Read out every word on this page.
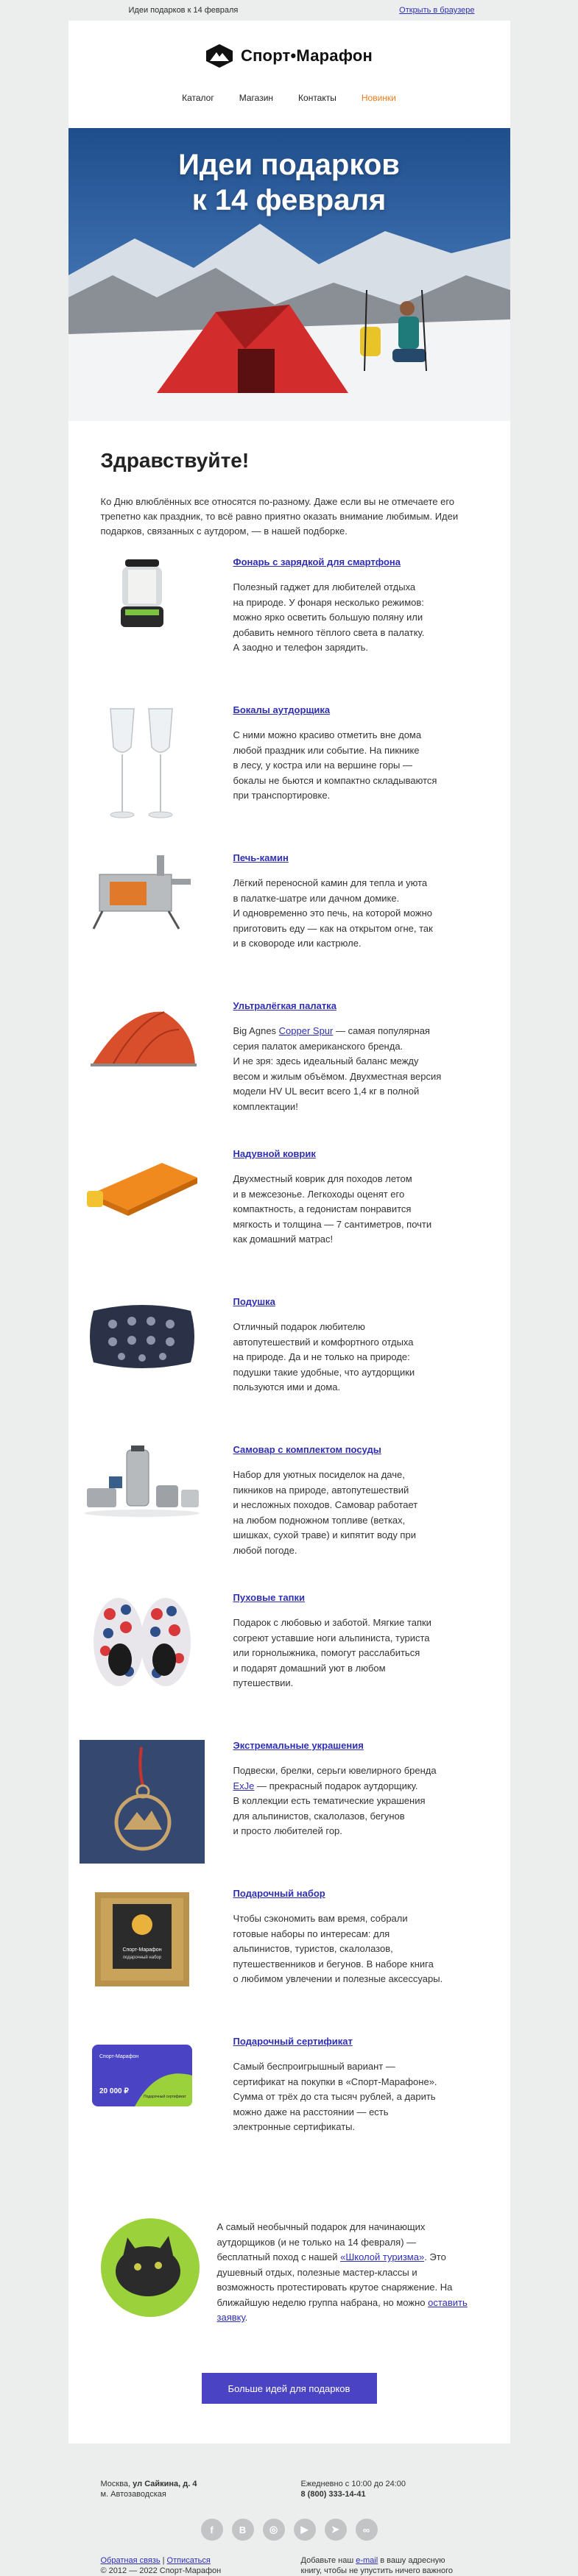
Идеи подарков к 14 февраля	Открыть в браузере
Спорт•Марафон
Каталог	Магазин	Контакты	Новинки
Идеи подарков
к 14 февраля
Здравствуйте!
Ко Дню влюблённых все относятся по-разному. Даже если вы не отмечаете его трепетно как праздник, то всё равно приятно оказать внимание любимым. Идеи подарков, связанных с аутдором, — в нашей подборке.
Фонарь с зарядкой для смартфона
Полезный гаджет для любителей отдыха
на природе. У фонаря несколько режимов:
можно ярко осветить большую поляну или
добавить немного тёплого света в палатку.
А заодно и телефон зарядить.
Бокалы аутдорщика
С ними можно красиво отметить вне дома
любой праздник или событие. На пикнике
в лесу, у костра или на вершине горы —
бокалы не бьются и компактно складываются
при транспортировке.
Печь-камин
Лёгкий переносной камин для тепла и уюта
в палатке-шатре или дачном домике.
И одновременно это печь, на которой можно
приготовить еду — как на открытом огне, так
и в сковороде или кастрюле.
Ультралёгкая палатка
Big Agnes Copper Spur — самая популярная
серия палаток американского бренда.
И не зря: здесь идеальный баланс между
весом и жилым объёмом. Двухместная версия
модели HV UL весит всего 1,4 кг в полной
комплектации!
Надувной коврик
Двухместный коврик для походов летом
и в межсезонье. Легкоходы оценят его
компактность, а гедонистам понравится
мягкость и толщина — 7 сантиметров, почти
как домашний матрас!
Подушка
Отличный подарок любителю
автопутешествий и комфортного отдыха
на природе. Да и не только на природе:
подушки такие удобные, что аутдорщики
пользуются ими и дома.
Самовар с комплектом посуды
Набор для уютных посиделок на даче,
пикников на природе, автопутешествий
и несложных походов. Самовар работает
на любом подножном топливе (ветках,
шишках, сухой траве) и кипятит воду при
любой погоде.
Пуховые тапки
Подарок с любовью и заботой. Мягкие тапки
согреют уставшие ноги альпиниста, туриста
или горнолыжника, помогут расслабиться
и подарят домашний уют в любом
путешествии.
Экстремальные украшения
Подвески, брелки, серьги ювелирного бренда
ExJe — прекрасный подарок аутдорщику.
В коллекции есть тематические украшения
для альпинистов, скалолазов, бегунов
и просто любителей гор.
Спорт-Марафон
подарочный набор
Подарочный набор
Чтобы сэкономить вам время, собрали
готовые наборы по интересам: для
альпинистов, туристов, скалолазов,
путешественников и бегунов. В наборе книга
о любимом увлечении и полезные аксессуары.
Спорт-Марафон
20 000 ₽
Подарочный сертификат
Подарочный сертификат
Самый беспроигрышный вариант —
сертификат на покупки в «Спорт-Марафоне».
Сумма от трёх до ста тысяч рублей, а дарить
можно даже на расстоянии — есть
электронные сертификаты.
А самый необычный подарок для начинающих аутдорщиков (и не только на 14 февраля) — бесплатный поход с нашей «Школой туризма». Это душевный отдых, полезные мастер-классы и возможность протестировать крутое снаряжение. На ближайшую неделю группа набрана, но можно оставить заявку.
Больше идей для подарков
Москва, ул Сайкина, д. 4
м. Автозаводская
Ежедневно с 10:00 до 24:00
8 (800) 333-14-41
f	В	◎	▶	➤	∞
Обратная связь | Отписаться
© 2012 — 2022 Спорт-Марафон
Добавьте наш e-mail в вашу адресную
книгу, чтобы не упустить ничего важного
